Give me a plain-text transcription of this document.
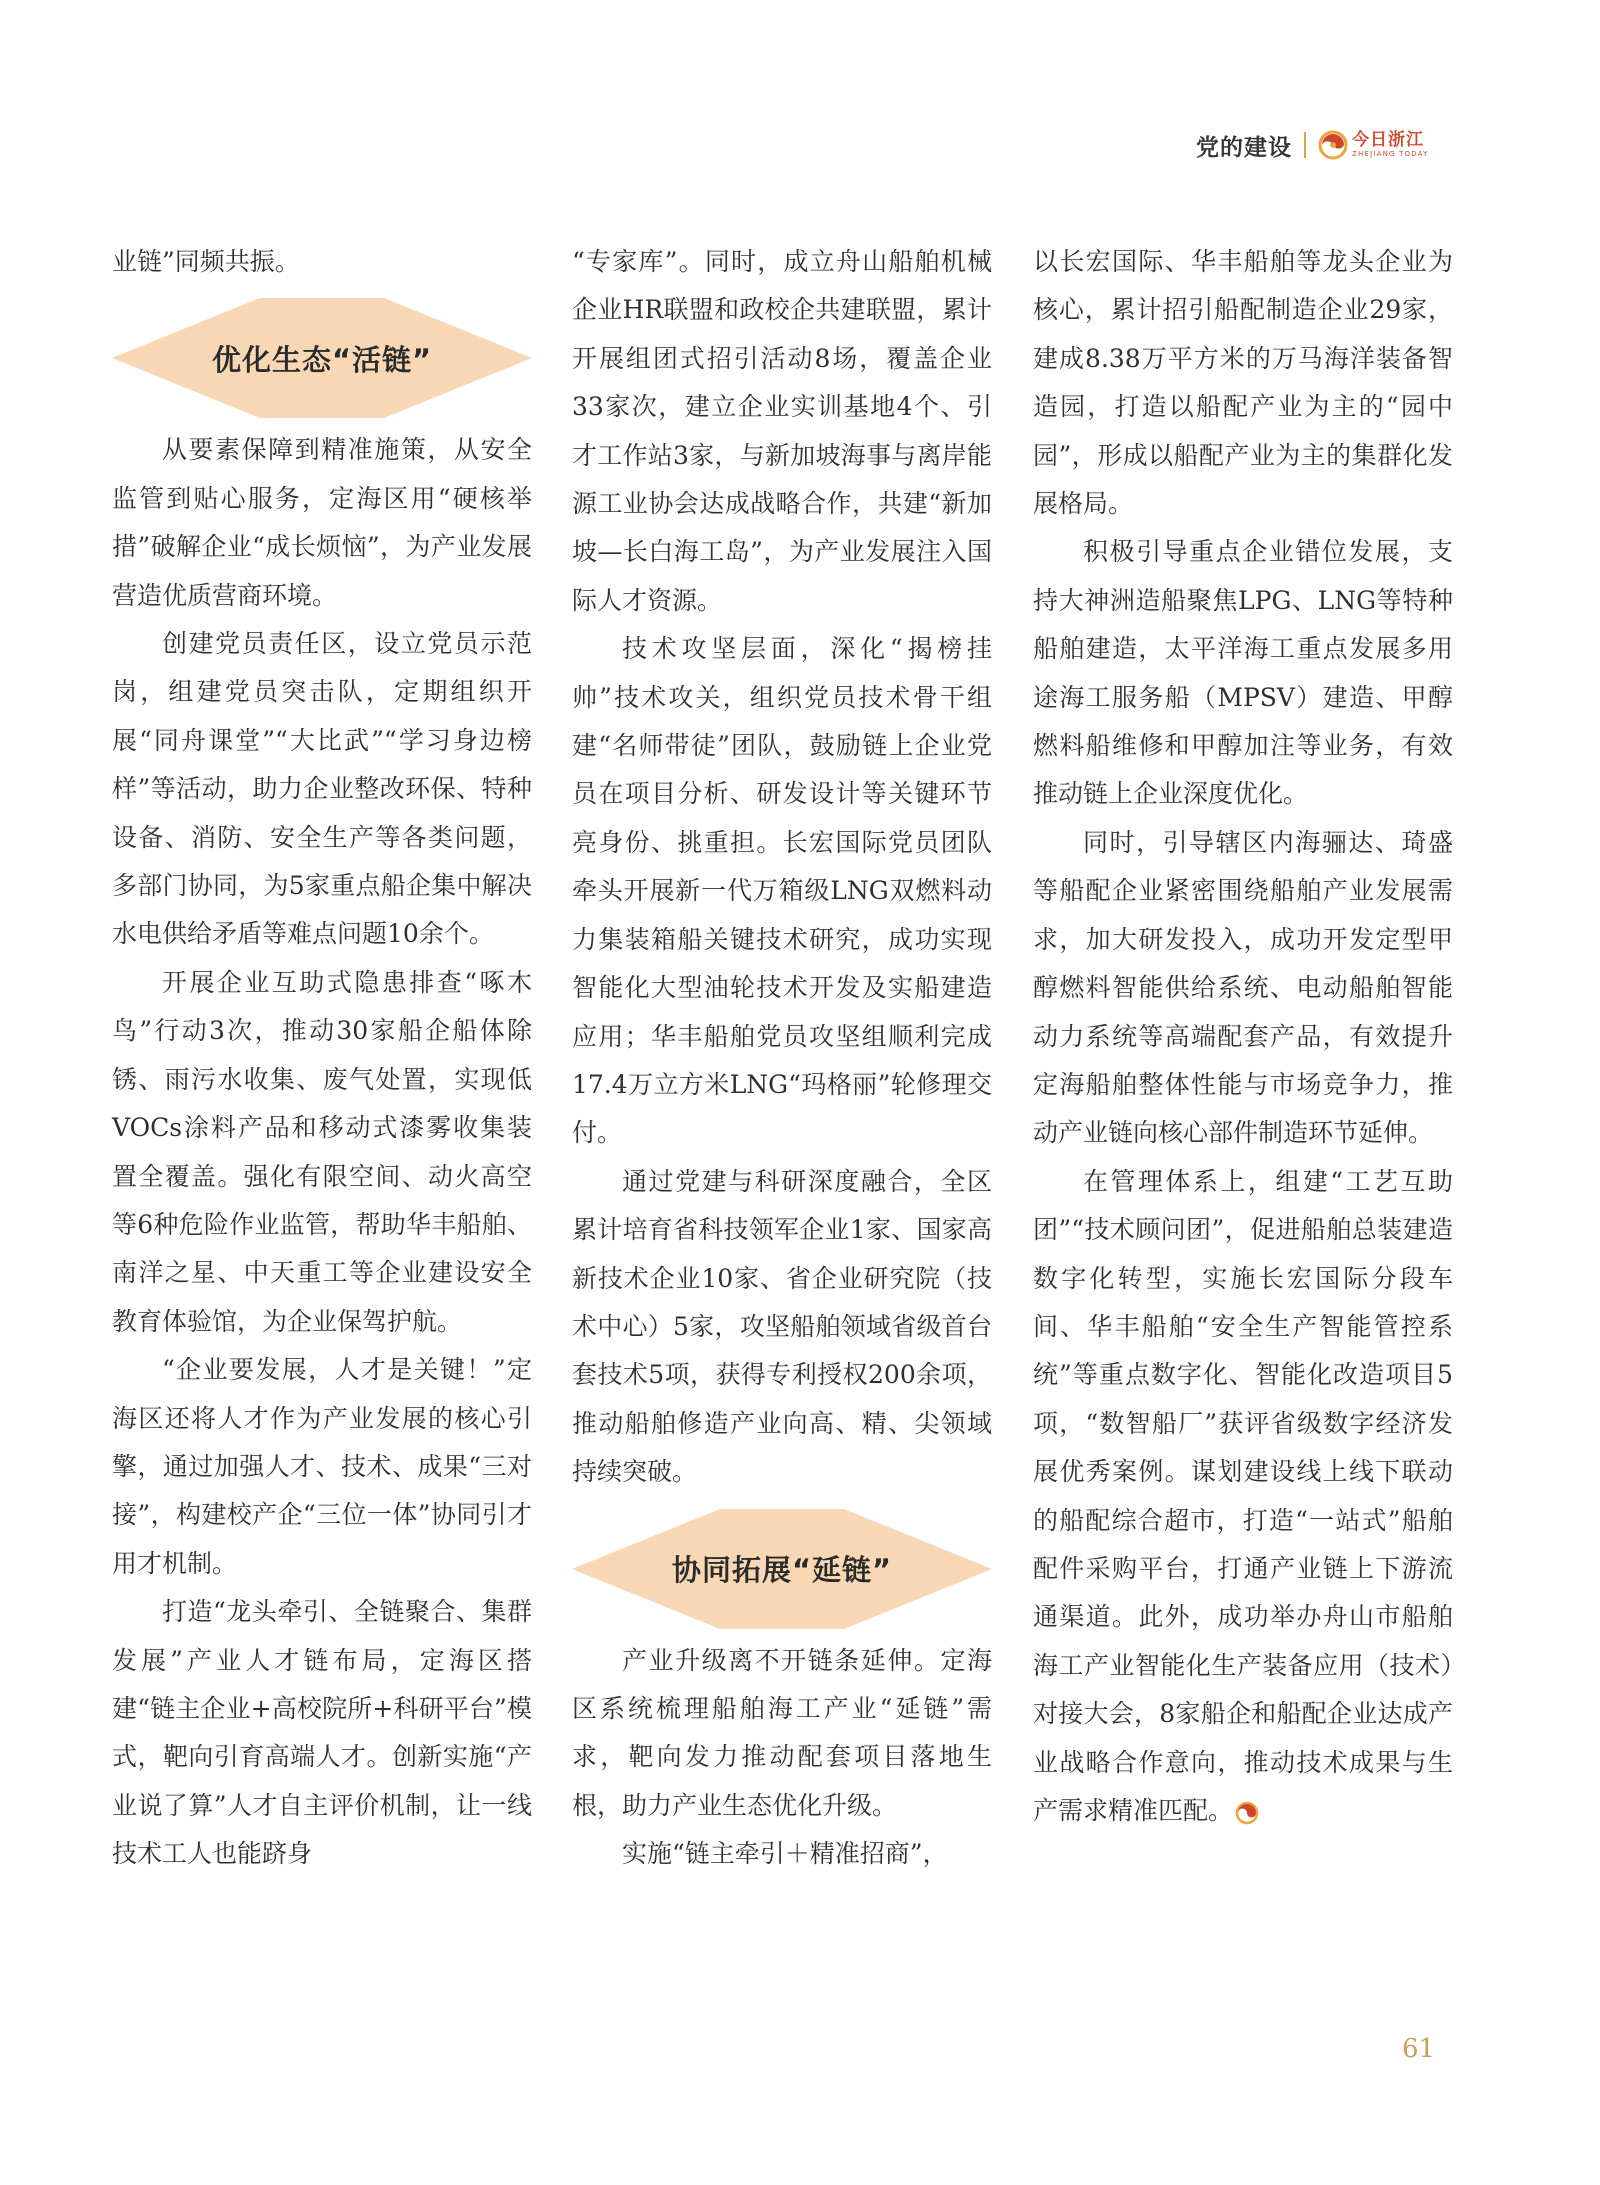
党的建设	今日浙江
ZHEJIANG TODAY

业链”同频共振。

优化生态“活链”

从要素保障到精准施策，从安全监管到贴心服务，定海区用“硬核举措”破解企业“成长烦恼”，为产业发展营造优质营商环境。

创建党员责任区，设立党员示范岗，组建党员突击队，定期组织开展“同舟课堂”“大比武”“学习身边榜样”等活动，助力企业整改环保、特种设备、消防、安全生产等各类问题，多部门协同，为5家重点船企集中解决水电供给矛盾等难点问题10余个。

开展企业互助式隐患排查“啄木鸟”行动3次，推动30家船企船体除锈、雨污水收集、废气处置，实现低VOCs涂料产品和移动式漆雾收集装置全覆盖。强化有限空间、动火高空等6种危险作业监管，帮助华丰船舶、南洋之星、中天重工等企业建设安全教育体验馆，为企业保驾护航。

“企业要发展，人才是关键！”定海区还将人才作为产业发展的核心引擎，通过加强人才、技术、成果“三对接”，构建校产企“三位一体”协同引才用才机制。

打造“龙头牵引、全链聚合、集群发展”产业人才链布局，定海区搭建“链主企业+高校院所+科研平台”模式，靶向引育高端人才。创新实施“产业说了算”人才自主评价机制，让一线技术工人也能跻身

“专家库”。同时，成立舟山船舶机械企业HR联盟和政校企共建联盟，累计开展组团式招引活动8场，覆盖企业33家次，建立企业实训基地4个、引才工作站3家，与新加坡海事与离岸能源工业协会达成战略合作，共建“新加坡—长白海工岛”，为产业发展注入国际人才资源。

技术攻坚层面，深化“揭榜挂帅”技术攻关，组织党员技术骨干组建“名师带徒”团队，鼓励链上企业党员在项目分析、研发设计等关键环节亮身份、挑重担。长宏国际党员团队牵头开展新一代万箱级LNG双燃料动力集装箱船关键技术研究，成功实现智能化大型油轮技术开发及实船建造应用；华丰船舶党员攻坚组顺利完成17.4万立方米LNG“玛格丽”轮修理交付。

通过党建与科研深度融合，全区累计培育省科技领军企业1家、国家高新技术企业10家、省企业研究院（技术中心）5家，攻坚船舶领域省级首台套技术5项，获得专利授权200余项，推动船舶修造产业向高、精、尖领域持续突破。

协同拓展“延链”

产业升级离不开链条延伸。定海区系统梳理船舶海工产业“延链”需求，靶向发力推动配套项目落地生根，助力产业生态优化升级。

实施“链主牵引＋精准招商”，

以长宏国际、华丰船舶等龙头企业为核心，累计招引船配制造企业29家，建成8.38万平方米的万马海洋装备智造园，打造以船配产业为主的“园中园”，形成以船配产业为主的集群化发展格局。

积极引导重点企业错位发展，支持大神洲造船聚焦LPG、LNG等特种船舶建造，太平洋海工重点发展多用途海工服务船（MPSV）建造、甲醇燃料船维修和甲醇加注等业务，有效推动链上企业深度优化。

同时，引导辖区内海骊达、琦盛等船配企业紧密围绕船舶产业发展需求，加大研发投入，成功开发定型甲醇燃料智能供给系统、电动船舶智能动力系统等高端配套产品，有效提升定海船舶整体性能与市场竞争力，推动产业链向核心部件制造环节延伸。

在管理体系上，组建“工艺互助团”“技术顾问团”，促进船舶总装建造数字化转型，实施长宏国际分段车间、华丰船舶“安全生产智能管控系统”等重点数字化、智能化改造项目5项，“数智船厂”获评省级数字经济发展优秀案例。谋划建设线上线下联动的船配综合超市，打造“一站式”船舶配件采购平台，打通产业链上下游流通渠道。此外，成功举办舟山市船舶海工产业智能化生产装备应用（技术）对接大会，8家船企和船配企业达成产业战略合作意向，推动技术成果与生产需求精准匹配。

61
